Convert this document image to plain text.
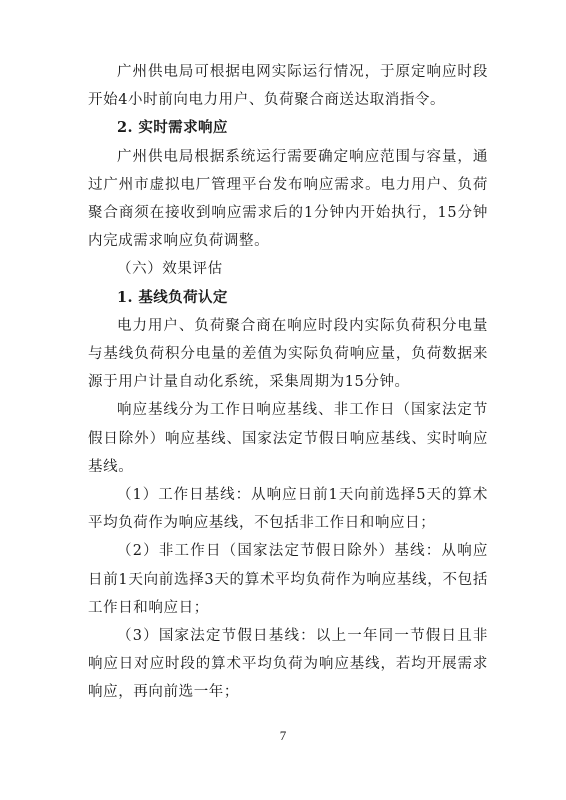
广州供电局可根据电网实际运行情况，于原定响应时段开始4小时前向电力用户、负荷聚合商送达取消指令。

2. 实时需求响应

广州供电局根据系统运行需要确定响应范围与容量，通过广州市虚拟电厂管理平台发布响应需求。电力用户、负荷聚合商须在接收到响应需求后的1分钟内开始执行，15分钟内完成需求响应负荷调整。

（六）效果评估

1. 基线负荷认定

电力用户、负荷聚合商在响应时段内实际负荷积分电量与基线负荷积分电量的差值为实际负荷响应量，负荷数据来源于用户计量自动化系统，采集周期为15分钟。

响应基线分为工作日响应基线、非工作日（国家法定节假日除外）响应基线、国家法定节假日响应基线、实时响应基线。

（1）工作日基线：从响应日前1天向前选择5天的算术平均负荷作为响应基线，不包括非工作日和响应日；

（2）非工作日（国家法定节假日除外）基线：从响应日前1天向前选择3天的算术平均负荷作为响应基线，不包括工作日和响应日；

（3）国家法定节假日基线：以上一年同一节假日且非响应日对应时段的算术平均负荷为响应基线，若均开展需求响应，再向前选一年；

7
